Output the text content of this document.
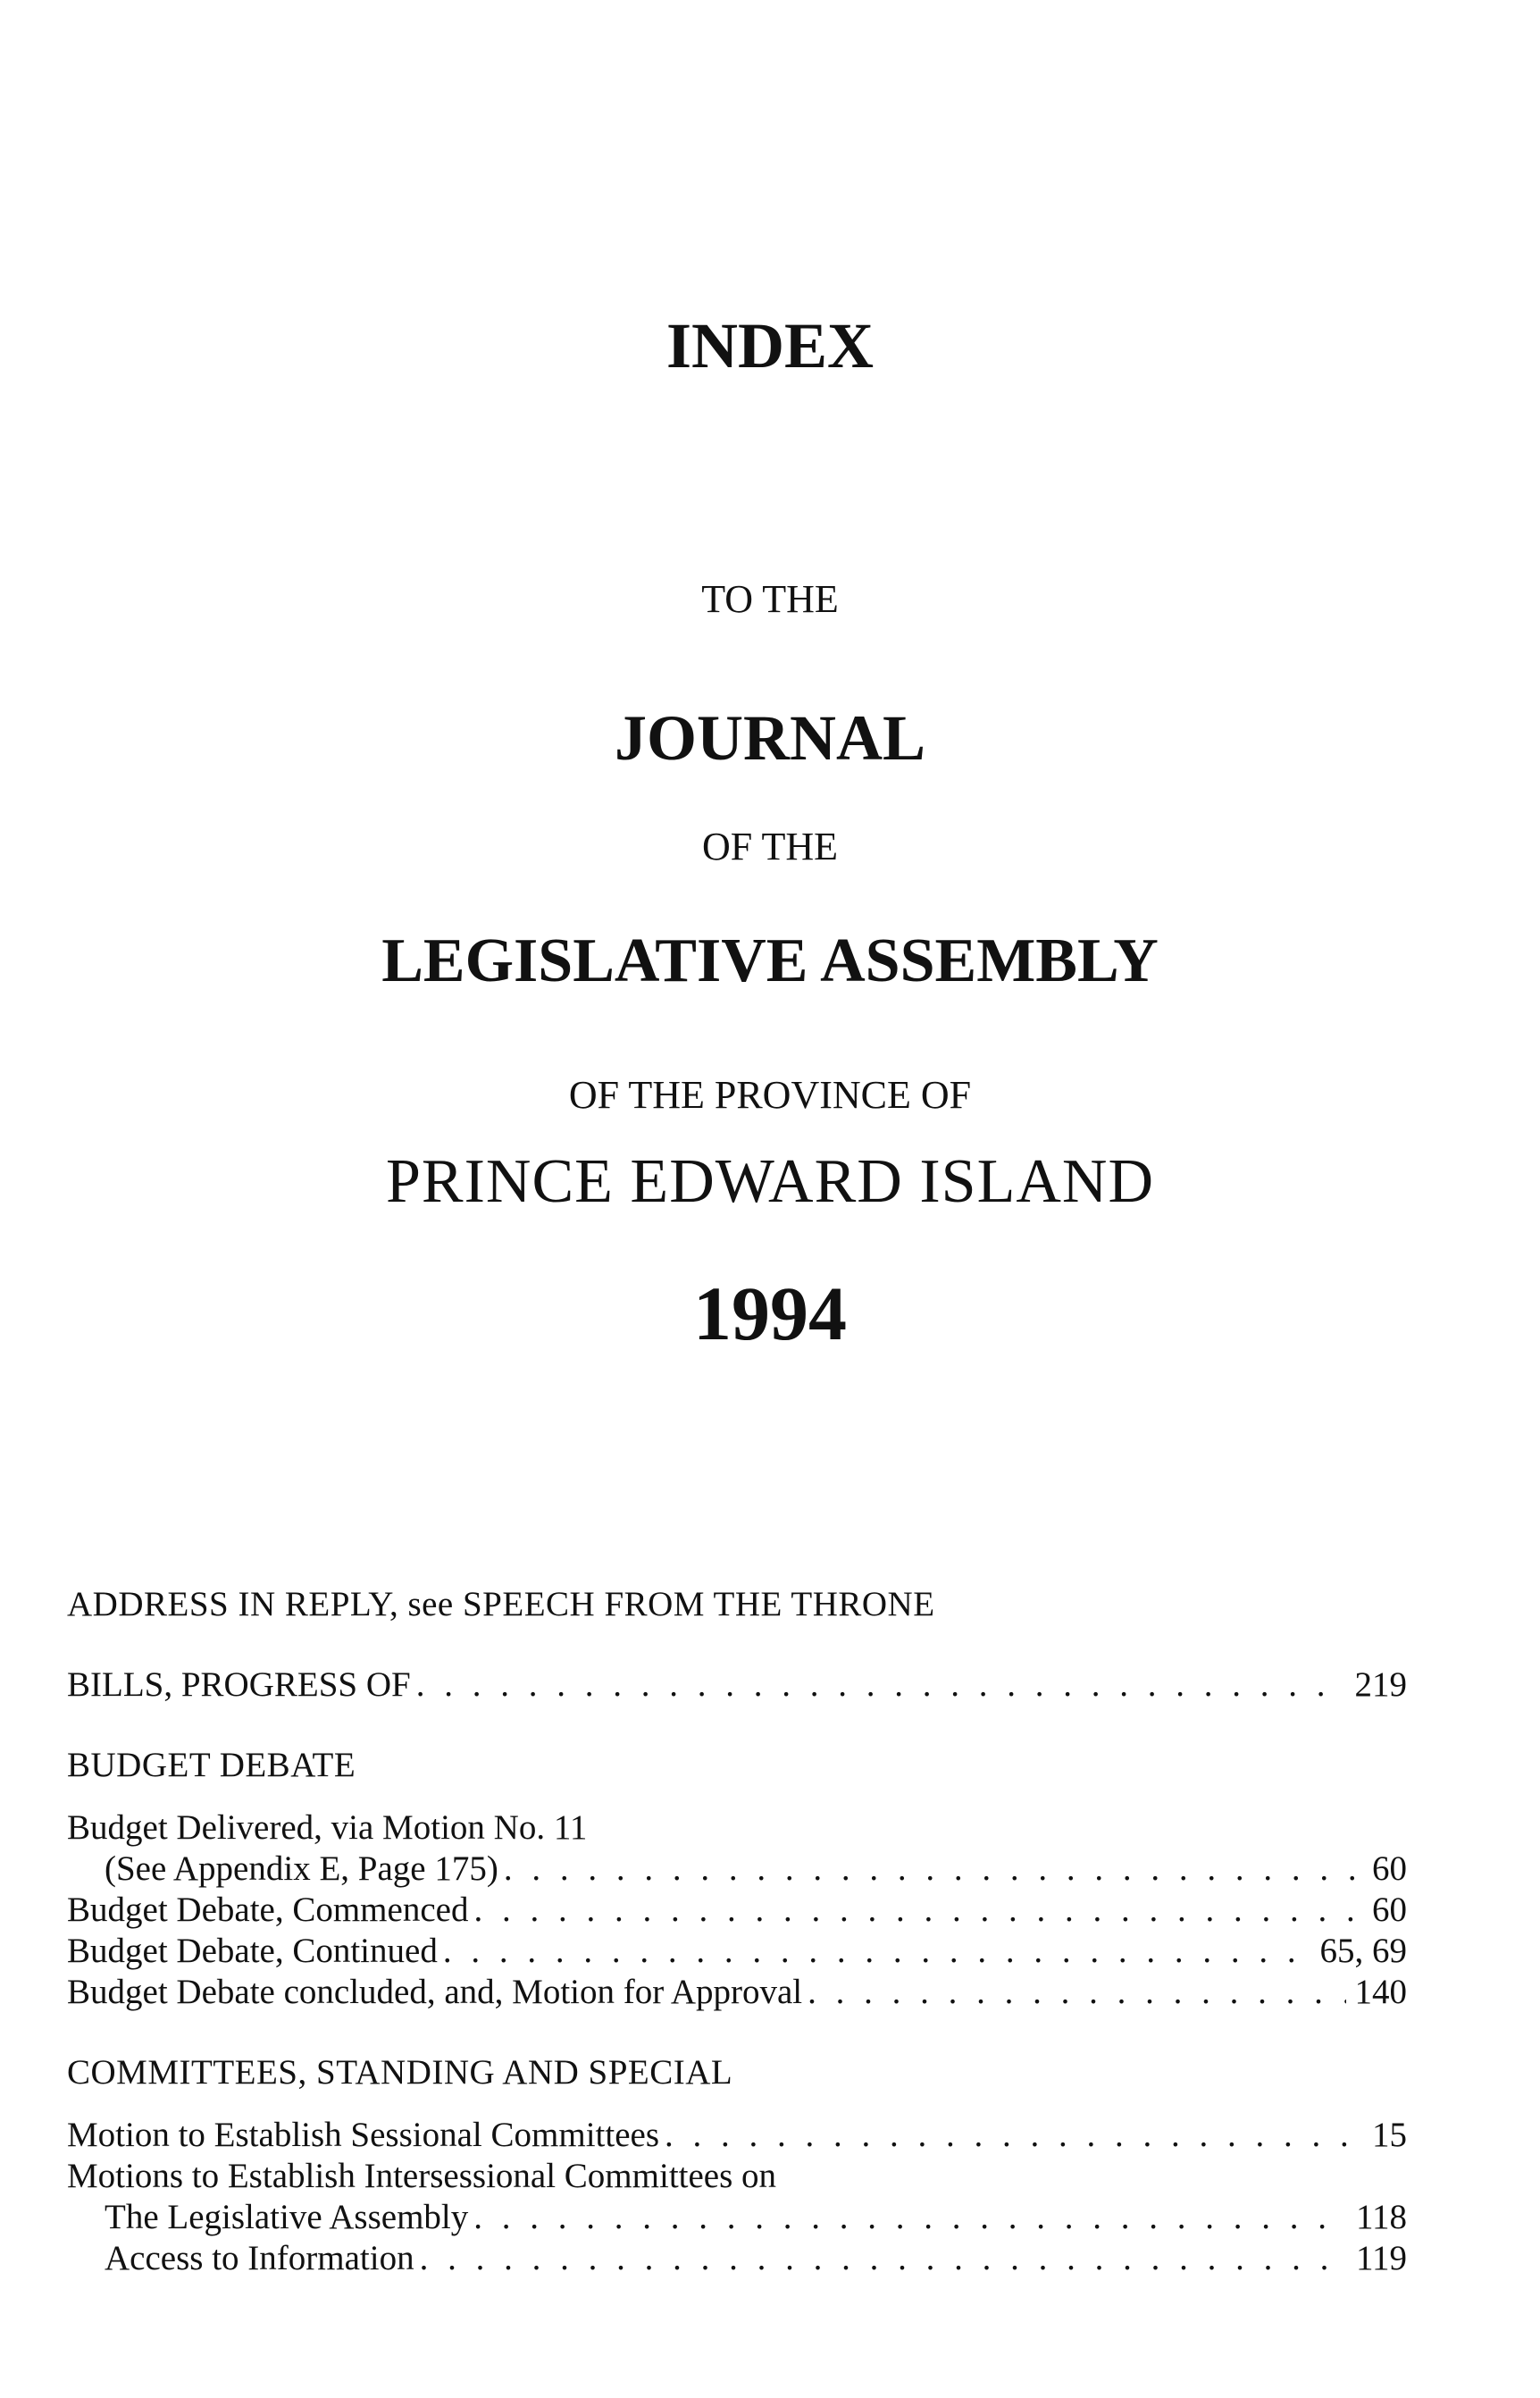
INDEX
TO THE
JOURNAL
OF THE
LEGISLATIVE ASSEMBLY
OF THE PROVINCE OF
PRINCE EDWARD ISLAND
1994
ADDRESS IN REPLY, see SPEECH FROM THE THRONE
BILLS, PROGRESS OF . . .	219
BUDGET DEBATE
Budget Delivered, via Motion No. 11
(See Appendix E, Page 175) . . .	60
Budget Debate, Commenced . . .	60
Budget Debate, Continued . . .	65, 69
Budget Debate concluded, and, Motion for Approval . . .	140
COMMITTEES, STANDING AND SPECIAL
Motion to Establish Sessional Committees . . .	15
Motions to Establish Intersessional Committees on
The Legislative Assembly . . .	118
Access to Information . . .	119
